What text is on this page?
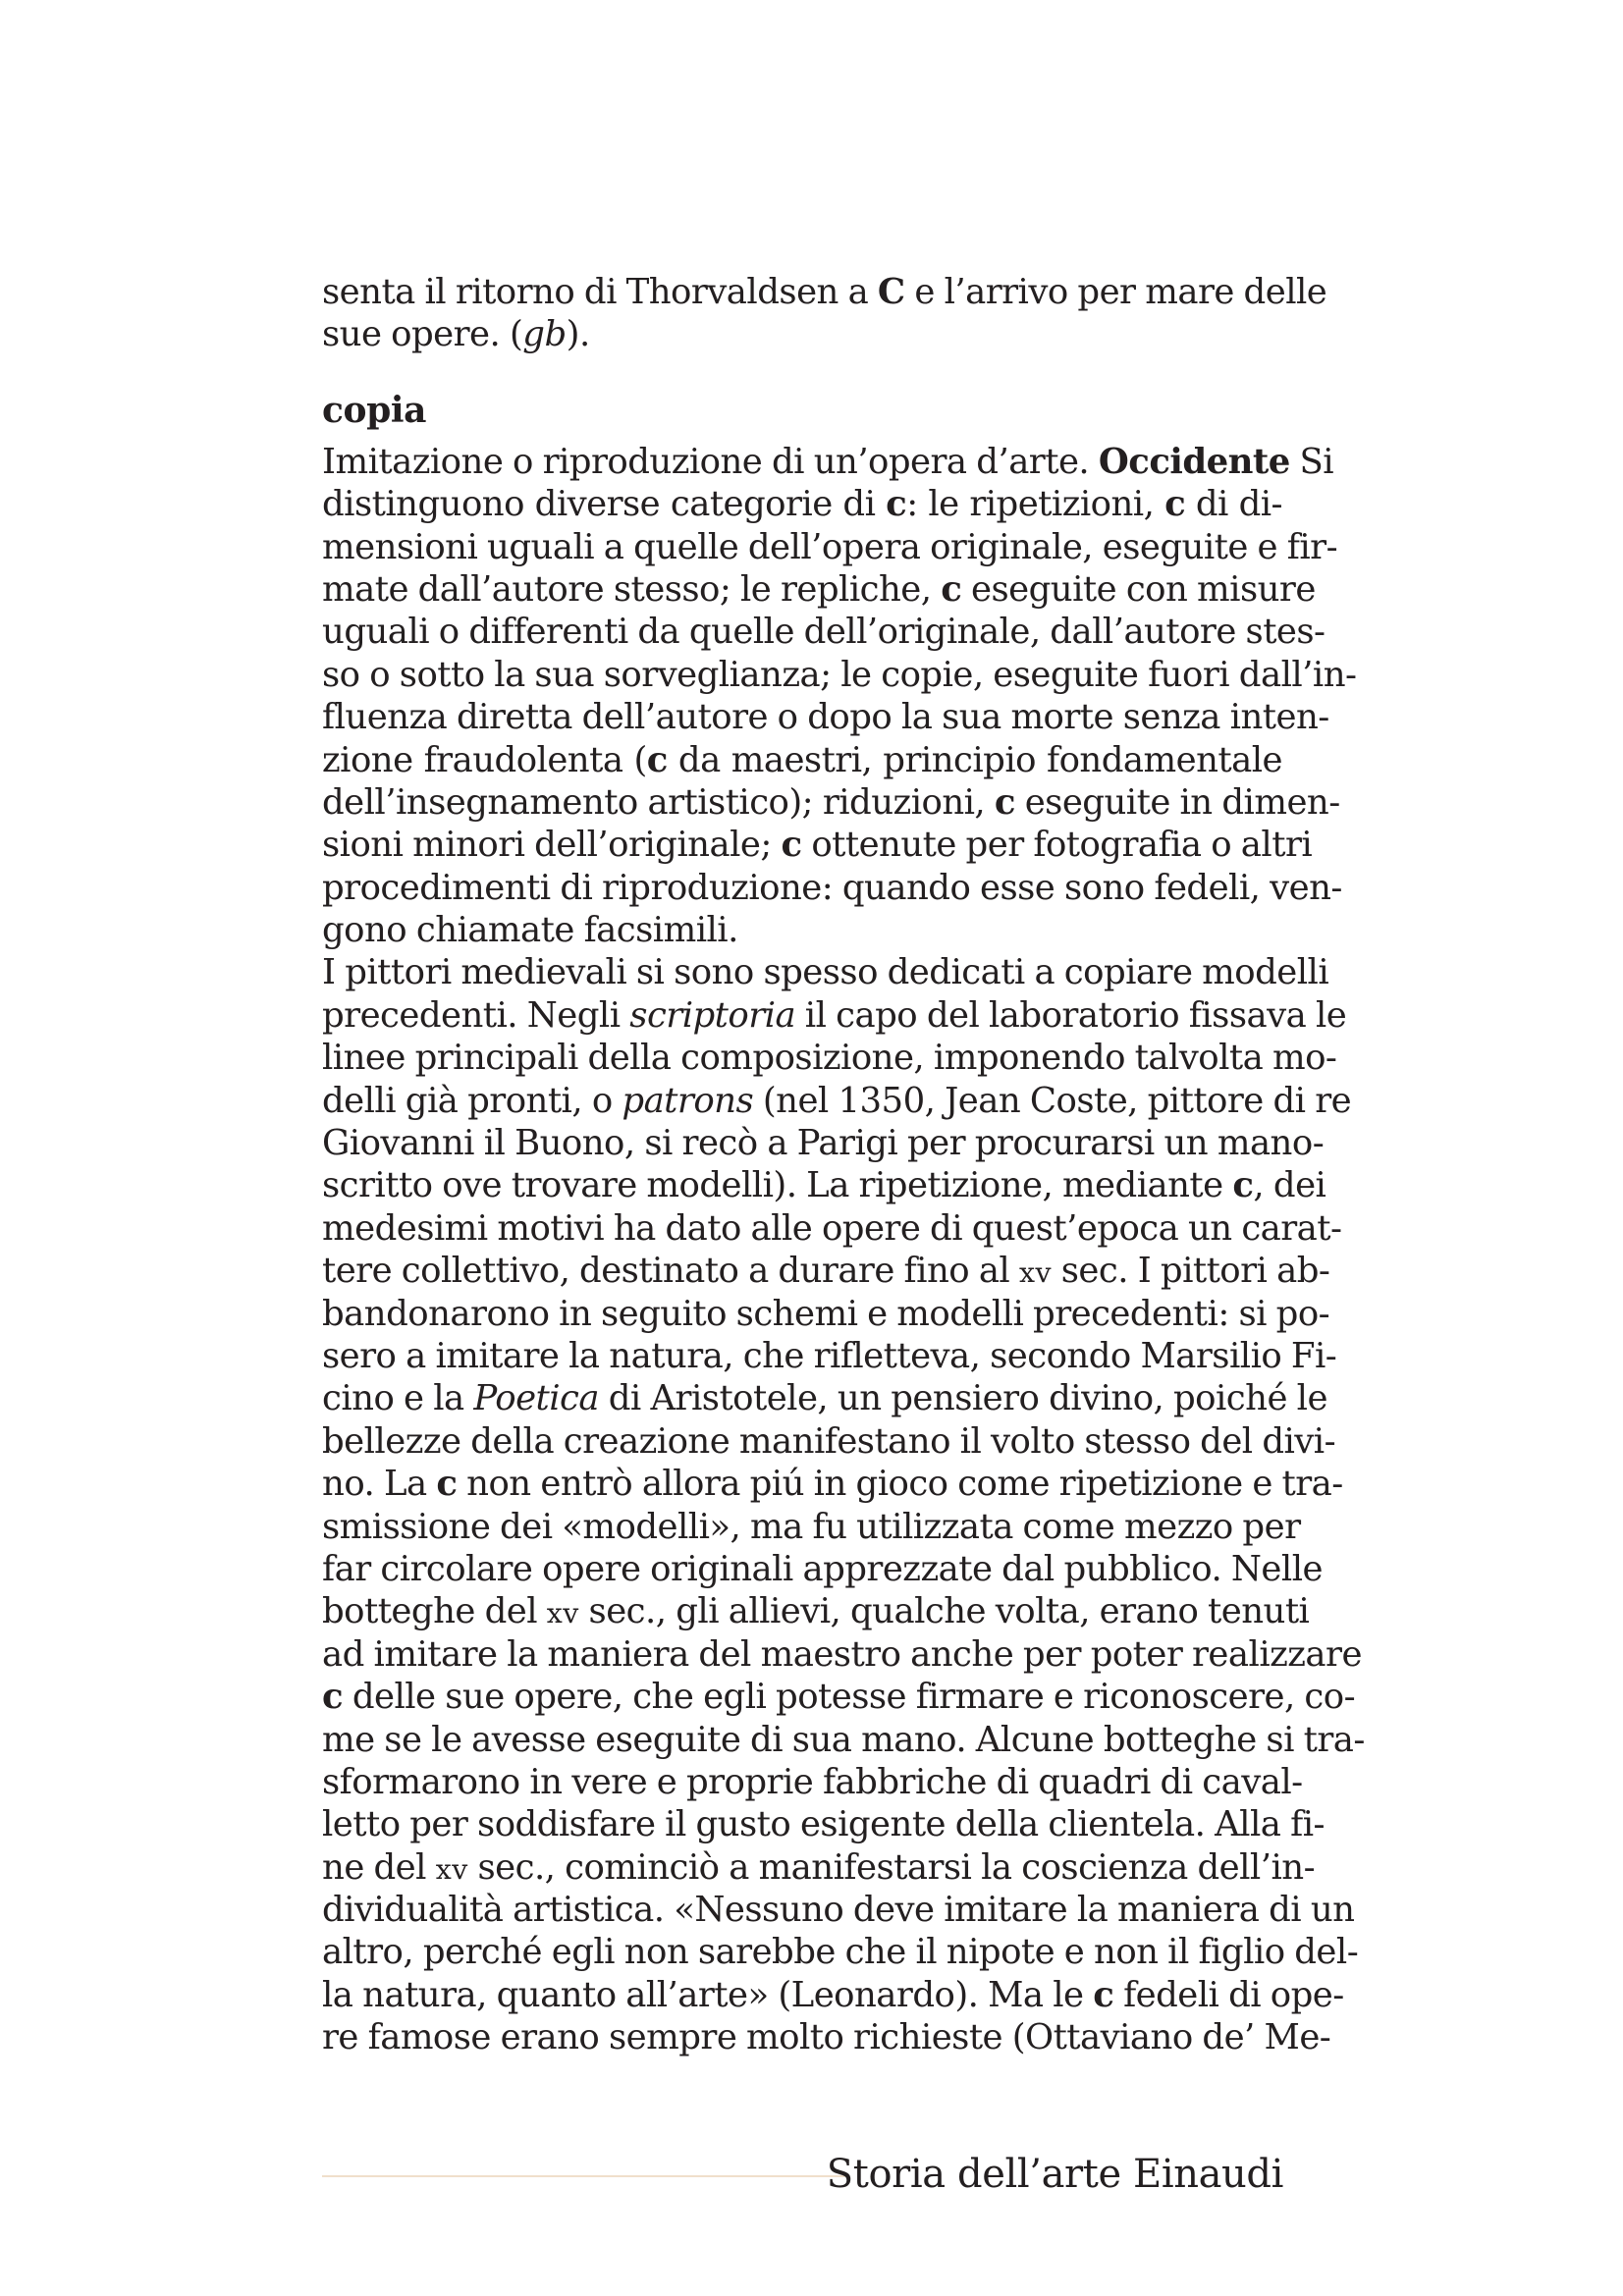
senta il ritorno di Thorvaldsen a C e l’arrivo per mare delle
sue opere. (gb).
copia
Imitazione o riproduzione di un’opera d’arte. Occidente Si
distinguono diverse categorie di c: le ripetizioni, c di di-
mensioni uguali a quelle dell’opera originale, eseguite e fir-
mate dall’autore stesso; le repliche, c eseguite con misure
uguali o differenti da quelle dell’originale, dall’autore stes-
so o sotto la sua sorveglianza; le copie, eseguite fuori dall’in-
fluenza diretta dell’autore o dopo la sua morte senza inten-
zione fraudolenta (c da maestri, principio fondamentale
dell’insegnamento artistico); riduzioni, c eseguite in dimen-
sioni minori dell’originale; c ottenute per fotografia o altri
procedimenti di riproduzione: quando esse sono fedeli, ven-
gono chiamate facsimili.
I pittori medievali si sono spesso dedicati a copiare modelli
precedenti. Negli scriptoria il capo del laboratorio fissava le
linee principali della composizione, imponendo talvolta mo-
delli già pronti, o patrons (nel 1350, Jean Coste, pittore di re
Giovanni il Buono, si recò a Parigi per procurarsi un mano-
scritto ove trovare modelli). La ripetizione, mediante c, dei
medesimi motivi ha dato alle opere di quest’epoca un carat-
tere collettivo, destinato a durare fino al xv sec. I pittori ab-
bandonarono in seguito schemi e modelli precedenti: si po-
sero a imitare la natura, che rifletteva, secondo Marsilio Fi-
cino e la Poetica di Aristotele, un pensiero divino, poiché le
bellezze della creazione manifestano il volto stesso del divi-
no. La c non entrò allora piú in gioco come ripetizione e tra-
smissione dei «modelli», ma fu utilizzata come mezzo per
far circolare opere originali apprezzate dal pubblico. Nelle
botteghe del xv sec., gli allievi, qualche volta, erano tenuti
ad imitare la maniera del maestro anche per poter realizzare
c delle sue opere, che egli potesse firmare e riconoscere, co-
me se le avesse eseguite di sua mano. Alcune botteghe si tra-
sformarono in vere e proprie fabbriche di quadri di caval-
letto per soddisfare il gusto esigente della clientela. Alla fi-
ne del xv sec., cominciò a manifestarsi la coscienza dell’in-
dividualità artistica. «Nessuno deve imitare la maniera di un
altro, perché egli non sarebbe che il nipote e non il figlio del-
la natura, quanto all’arte» (Leonardo). Ma le c fedeli di ope-
re famose erano sempre molto richieste (Ottaviano de’ Me-
Storia dell’arte Einaudi
